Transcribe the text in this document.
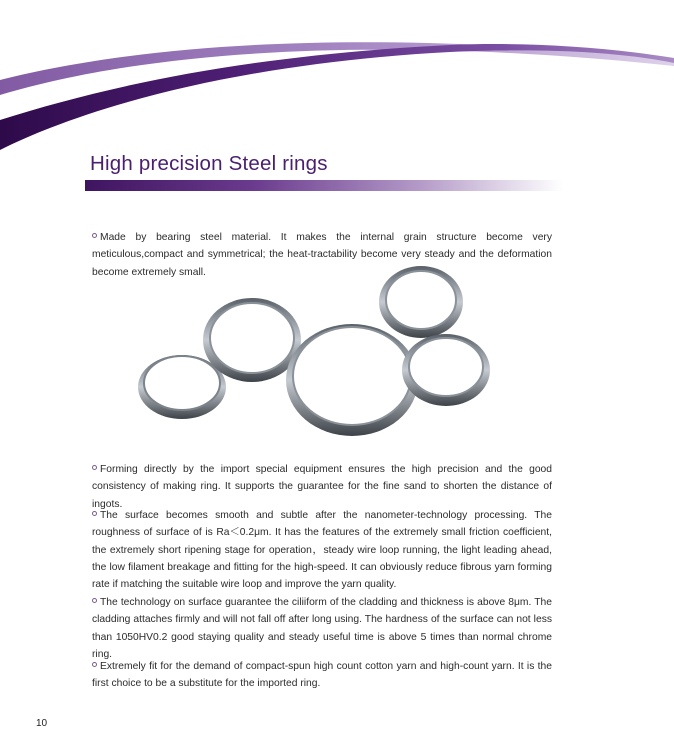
High precision Steel rings

Made by bearing steel material. It makes the internal grain structure become very meticulous,compact and symmetrical; the heat-tractability become very steady and the deformation become extremely small.

Forming directly by the import special equipment ensures the high precision and the good consistency of making ring. It supports the guarantee for the fine sand to shorten the distance of ingots.

The surface becomes smooth and subtle after the nanometer-technology processing. The roughness of surface of is Ra＜0.2μm. It has the features of the extremely small friction coefficient, the extremely short ripening stage for operation，steady wire loop running, the light leading ahead, the low filament breakage and fitting for the high-speed. It can obviously reduce fibrous yarn forming rate if matching the suitable wire loop and improve the yarn quality.

The technology on surface guarantee the ciliiform of the cladding and thickness is above 8μm. The cladding attaches firmly and will not fall off after long using. The hardness of the surface can not less than 1050HV0.2 good staying quality and steady useful time is above 5 times than normal chrome ring.

Extremely fit for the demand of compact-spun high count cotton yarn and high-count yarn. It is the first choice to be a substitute for the imported ring.

10
